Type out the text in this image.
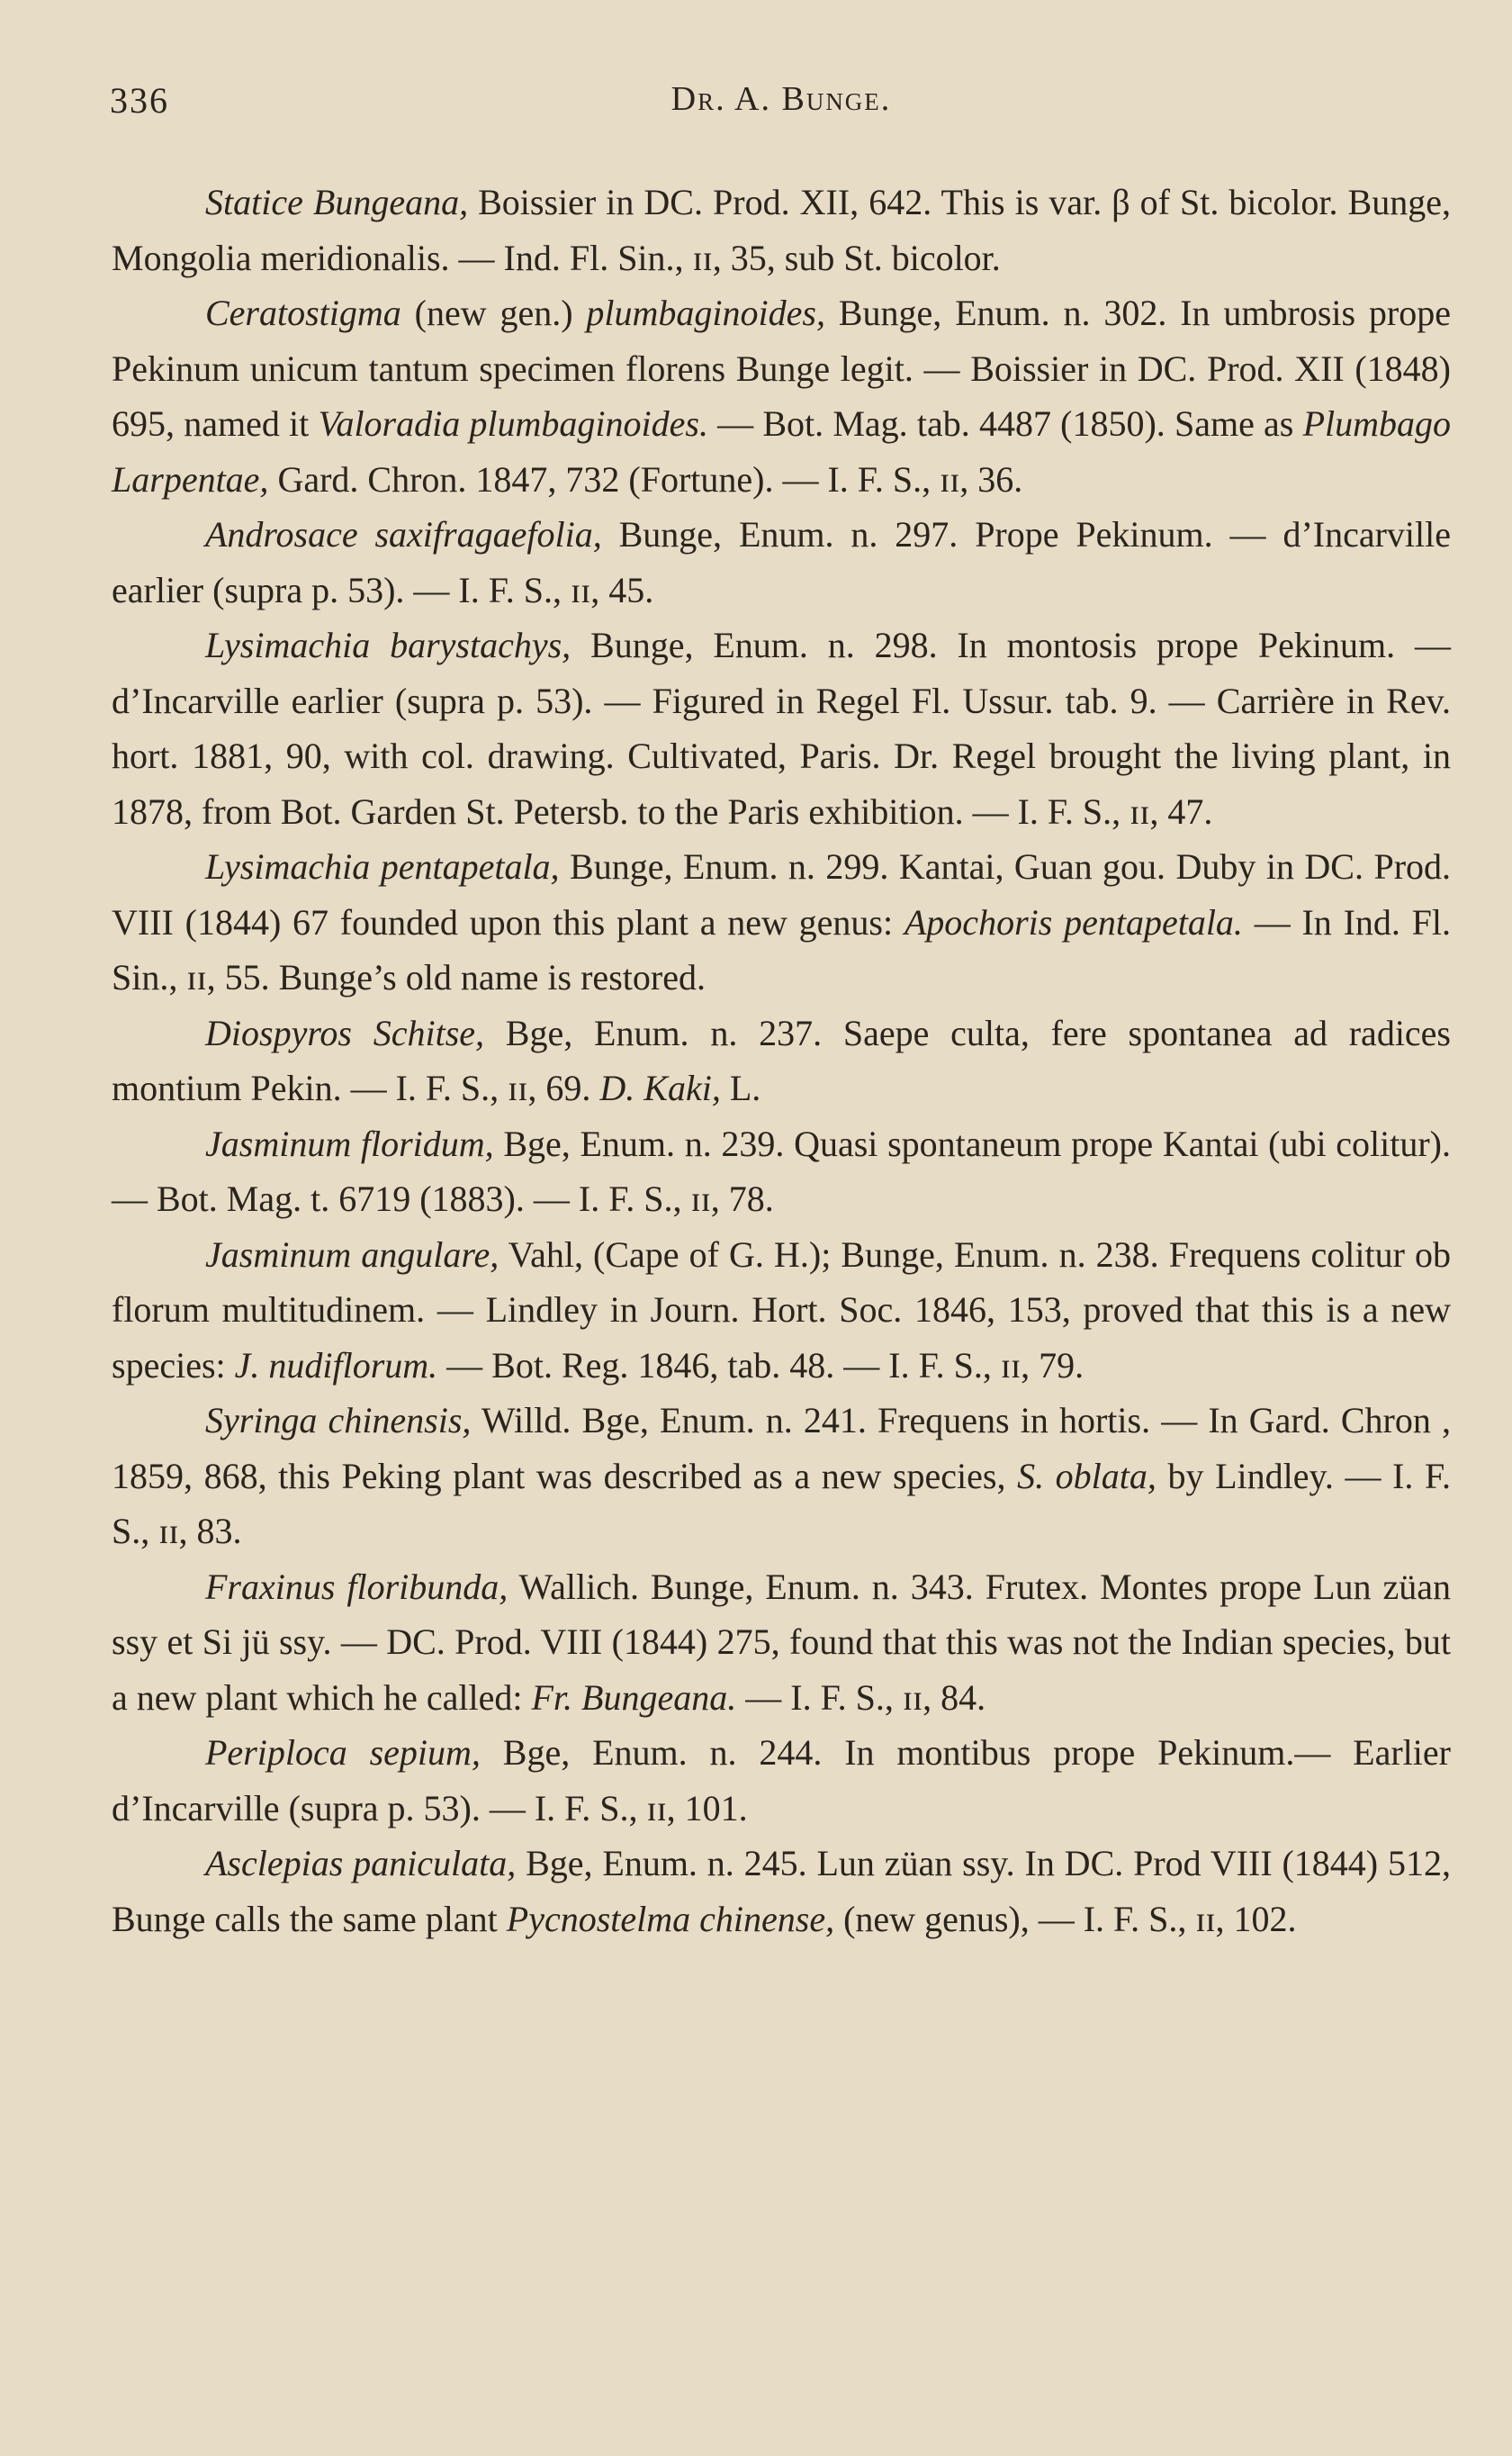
336	Dr. A. Bunge.

Statice Bungeana, Boissier in DC. Prod. XII, 642. This is var. β of St. bicolor. Bunge, Mongolia meridionalis. — Ind. Fl. Sin., ɪɪ, 35, sub St. bicolor.

Ceratostigma (new gen.) plumbaginoides, Bunge, Enum. n. 302. In umbrosis prope Pekinum unicum tantum specimen florens Bunge legit. — Boissier in DC. Prod. XII (1848) 695, named it Valoradia plumbaginoides. — Bot. Mag. tab. 4487 (1850). Same as Plumbago Larpentae, Gard. Chron. 1847, 732 (Fortune). — I. F. S., ɪɪ, 36.

Androsace saxifragaefolia, Bunge, Enum. n. 297. Prope Pekinum. — d’Incarville earlier (supra p. 53). — I. F. S., ɪɪ, 45.

Lysimachia barystachys, Bunge, Enum. n. 298. In montosis prope Pekinum. — d’Incarville earlier (supra p. 53). — Figured in Regel Fl. Ussur. tab. 9. — Carrière in Rev. hort. 1881, 90, with col. drawing. Cultivated, Paris. Dr. Regel brought the living plant, in 1878, from Bot. Garden St. Petersb. to the Paris exhibition. — I. F. S., ɪɪ, 47.

Lysimachia pentapetala, Bunge, Enum. n. 299. Kantai, Guan gou. Duby in DC. Prod. VIII (1844) 67 founded upon this plant a new genus: Apochoris pentapetala. — In Ind. Fl. Sin., ɪɪ, 55. Bunge’s old name is restored.

Diospyros Schitse, Bge, Enum. n. 237. Saepe culta, fere spontanea ad radices montium Pekin. — I. F. S., ɪɪ, 69. D. Kaki, L.

Jasminum floridum, Bge, Enum. n. 239. Quasi spontaneum prope Kantai (ubi colitur). — Bot. Mag. t. 6719 (1883). — I. F. S., ɪɪ, 78.

Jasminum angulare, Vahl, (Cape of G. H.); Bunge, Enum. n. 238. Frequens colitur ob florum multitudinem. — Lindley in Journ. Hort. Soc. 1846, 153, proved that this is a new species: J. nudiflorum. — Bot. Reg. 1846, tab. 48. — I. F. S., ɪɪ, 79.

Syringa chinensis, Willd. Bge, Enum. n. 241. Frequens in hortis. — In Gard. Chron , 1859, 868, this Peking plant was described as a new species, S. oblata, by Lindley. — I. F. S., ɪɪ, 83.

Fraxinus floribunda, Wallich. Bunge, Enum. n. 343. Frutex. Montes prope Lun züan ssy et Si jü ssy. — DC. Prod. VIII (1844) 275, found that this was not the Indian species, but a new plant which he called: Fr. Bungeana. — I. F. S., ɪɪ, 84.

Periploca sepium, Bge, Enum. n. 244. In montibus prope Pekinum.— Earlier d’Incarville (supra p. 53). — I. F. S., ɪɪ, 101.

Asclepias paniculata, Bge, Enum. n. 245. Lun züan ssy. In DC. Prod VIII (1844) 512, Bunge calls the same plant Pycnostelma chinense, (new genus), — I. F. S., ɪɪ, 102.
